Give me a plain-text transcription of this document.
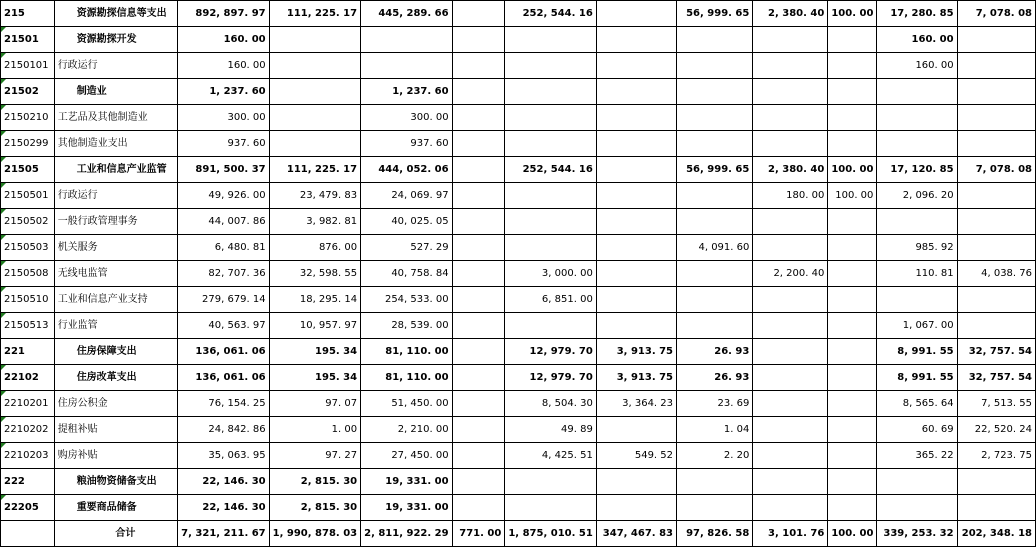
215	资源勘探信息等支出	892, 897. 97	111, 225. 17	445, 289. 66		252, 544. 16		56, 999. 65	2, 380. 40	100. 00	17, 280. 85	7, 078. 08
21501	资源勘探开发	160. 00									160. 00	
2150101	行政运行	160. 00									160. 00	
21502	制造业	1, 237. 60		1, 237. 60								
2150210	工艺品及其他制造业	300. 00		300. 00								
2150299	其他制造业支出	937. 60		937. 60								
21505	工业和信息产业监管	891, 500. 37	111, 225. 17	444, 052. 06		252, 544. 16		56, 999. 65	2, 380. 40	100. 00	17, 120. 85	7, 078. 08
2150501	行政运行	49, 926. 00	23, 479. 83	24, 069. 97					180. 00	100. 00	2, 096. 20	
2150502	一般行政管理事务	44, 007. 86	3, 982. 81	40, 025. 05								
2150503	机关服务	6, 480. 81	876. 00	527. 29				4, 091. 60			985. 92	
2150508	无线电监管	82, 707. 36	32, 598. 55	40, 758. 84		3, 000. 00			2, 200. 40		110. 81	4, 038. 76
2150510	工业和信息产业支持	279, 679. 14	18, 295. 14	254, 533. 00		6, 851. 00						
2150513	行业监管	40, 563. 97	10, 957. 97	28, 539. 00							1, 067. 00	
221	住房保障支出	136, 061. 06	195. 34	81, 110. 00		12, 979. 70	3, 913. 75	26. 93			8, 991. 55	32, 757. 54
22102	住房改革支出	136, 061. 06	195. 34	81, 110. 00		12, 979. 70	3, 913. 75	26. 93			8, 991. 55	32, 757. 54
2210201	住房公积金	76, 154. 25	97. 07	51, 450. 00		8, 504. 30	3, 364. 23	23. 69			8, 565. 64	7, 513. 55
2210202	提租补贴	24, 842. 86	1. 00	2, 210. 00		49. 89		1. 04			60. 69	22, 520. 24
2210203	购房补贴	35, 063. 95	97. 27	27, 450. 00		4, 425. 51	549. 52	2. 20			365. 22	2, 723. 75
222	粮油物资储备支出	22, 146. 30	2, 815. 30	19, 331. 00								
22205	重要商品储备	22, 146. 30	2, 815. 30	19, 331. 00								
	合计	7, 321, 211. 67	1, 990, 878. 03	2, 811, 922. 29	771. 00	1, 875, 010. 51	347, 467. 83	97, 826. 58	3, 101. 76	100. 00	339, 253. 32	202, 348. 18
